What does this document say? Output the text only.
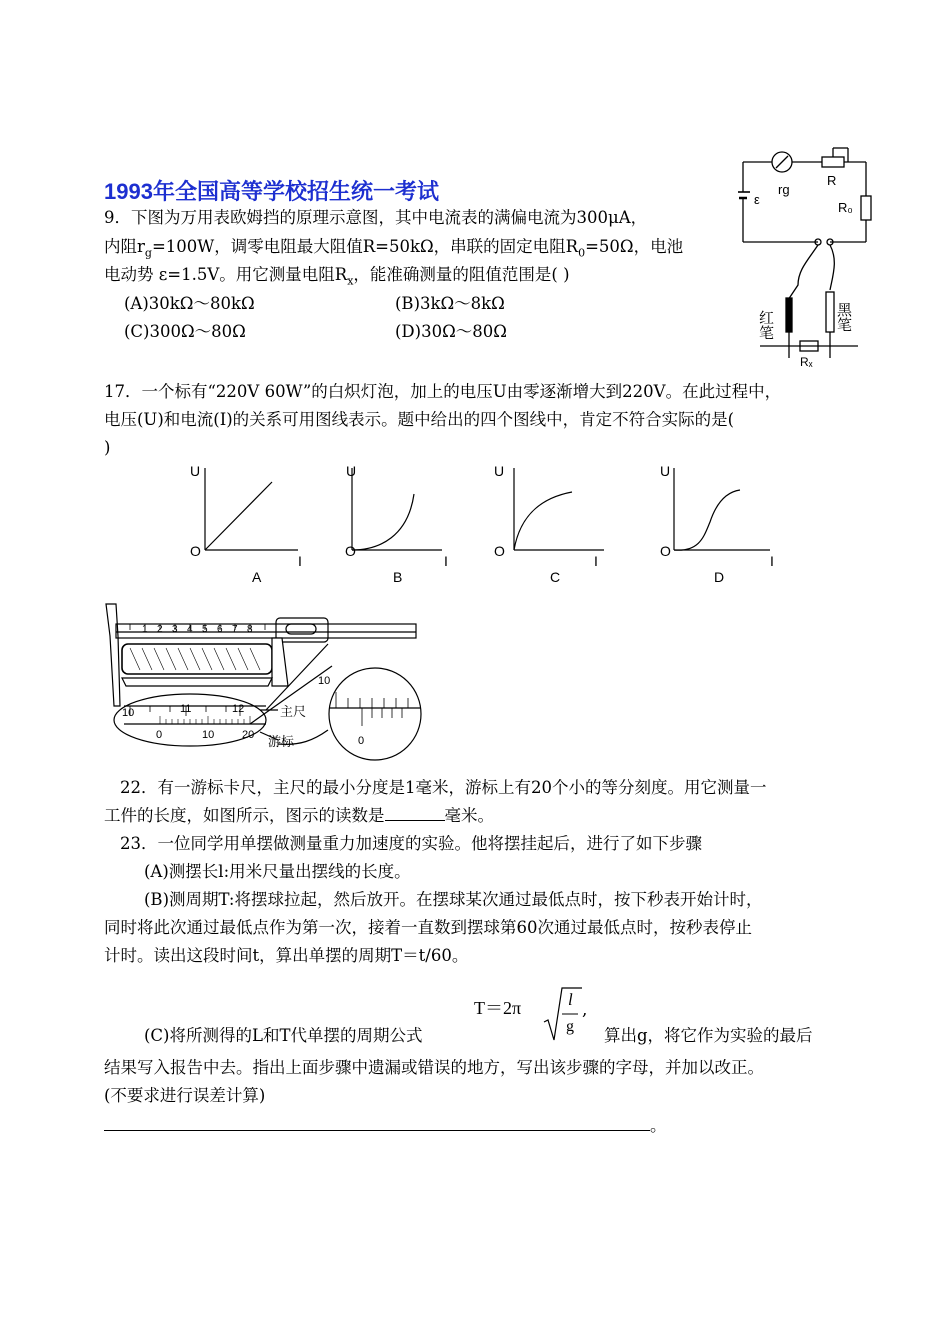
1993年全国高等学校招生统一考试
9．下图为万用表欧姆挡的原理示意图，其中电流表的满偏电流为300μA，
内阻$r_g=100W$，调零电阻最大阻值R=50kΩ，串联的固定电阻$R_0=50\Omega$，电池
电动势 ε=1.5V。用它测量电阻$R_x$，能准确测量的阻值范围是( )
(A)30kΩ～80kΩ	(B)3kΩ～8kΩ
(C)300Ω～80Ω	(D)30Ω～80Ω
rg
R
ε
R₀
红笔	黑笔
Rₓ
17．一个标有“220V 60W”的白炽灯泡，加上的电压U由零逐渐增大到220V。在此过程中，
电压(U)和电流(I)的关系可用图线表示。题中给出的四个图线中，肯定不符合实际的是(
)
U
O
I
A
U
O
I
B
U
O
I
C
U
O
I
D
1 2 3 4 5 6 7 8
10	11	12
0	10	20
10
0
主尺
游标
22．有一游标卡尺，主尺的最小分度是1毫米，游标上有20个小的等分刻度。用它测量一
工件的长度，如图所示，图示的读数是	毫米。
23．一位同学用单摆做测量重力加速度的实验。他将摆挂起后，进行了如下步骤
(A)测摆长l:用米尺量出摆线的长度。
(B)测周期T:将摆球拉起，然后放开。在摆球某次通过最低点时，按下秒表开始计时，
同时将此次通过最低点作为第一次，接着一直数到摆球第60次通过最低点时，按秒表停止
计时。读出这段时间t，算出单摆的周期T＝t/60。
T＝2π	l
g
,
(C)将所测得的L和T代单摆的周期公式	算出g，将它作为实验的最后
结果写入报告中去。指出上面步骤中遗漏或错误的地方，写出该步骤的字母，并加以改正。
(不要求进行误差计算)
。
